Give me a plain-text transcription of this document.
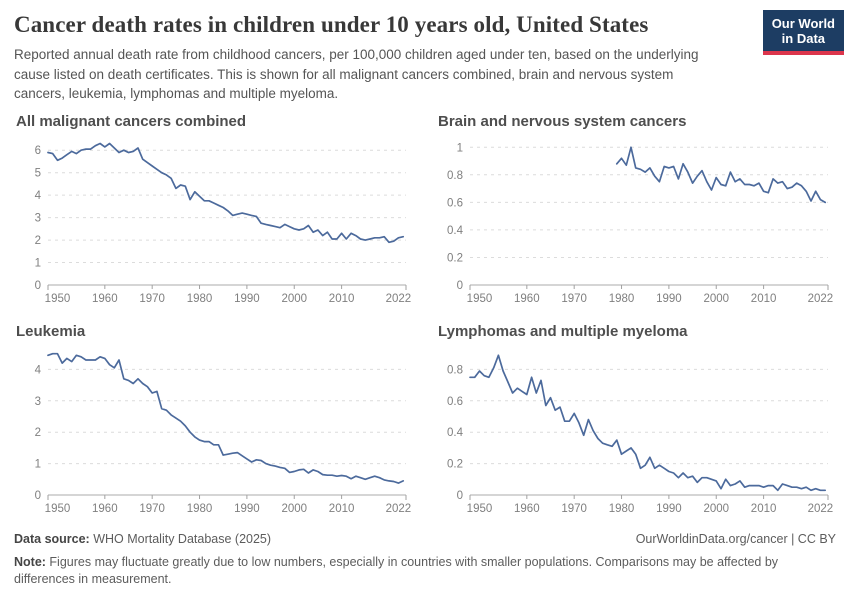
Cancer death rates in children under 10 years old, United States

Reported annual death rate from childhood cancers, per 100,000 children aged under ten, based on the underlying cause listed on death certificates. This is shown for all malignant cancers combined, brain and nervous system cancers, leukemia, lymphomas and multiple myeloma.

Our World
in Data
All malignant cancers combined
0
1
2
3
4
5
6
1950 1960 1970 1980 1990 2000 2010	2022
Brain and nervous system cancers
0
0.2
0.4
0.6
0.8
1
1950 1960 1970 1980 1990 2000 2010	2022
Leukemia
0
1
2
3
4
1950 1960 1970 1980 1990 2000 2010	2022
Lymphomas and multiple myeloma
0
0.2
0.4
0.6
0.8
1950 1960 1970 1980 1990 2000 2010	2022
Data source: WHO Mortality Database (2025)	OurWorldinData.org/cancer | CC BY

Note: Figures may fluctuate greatly due to low numbers, especially in countries with smaller populations. Comparisons may be affected by differences in measurement.
